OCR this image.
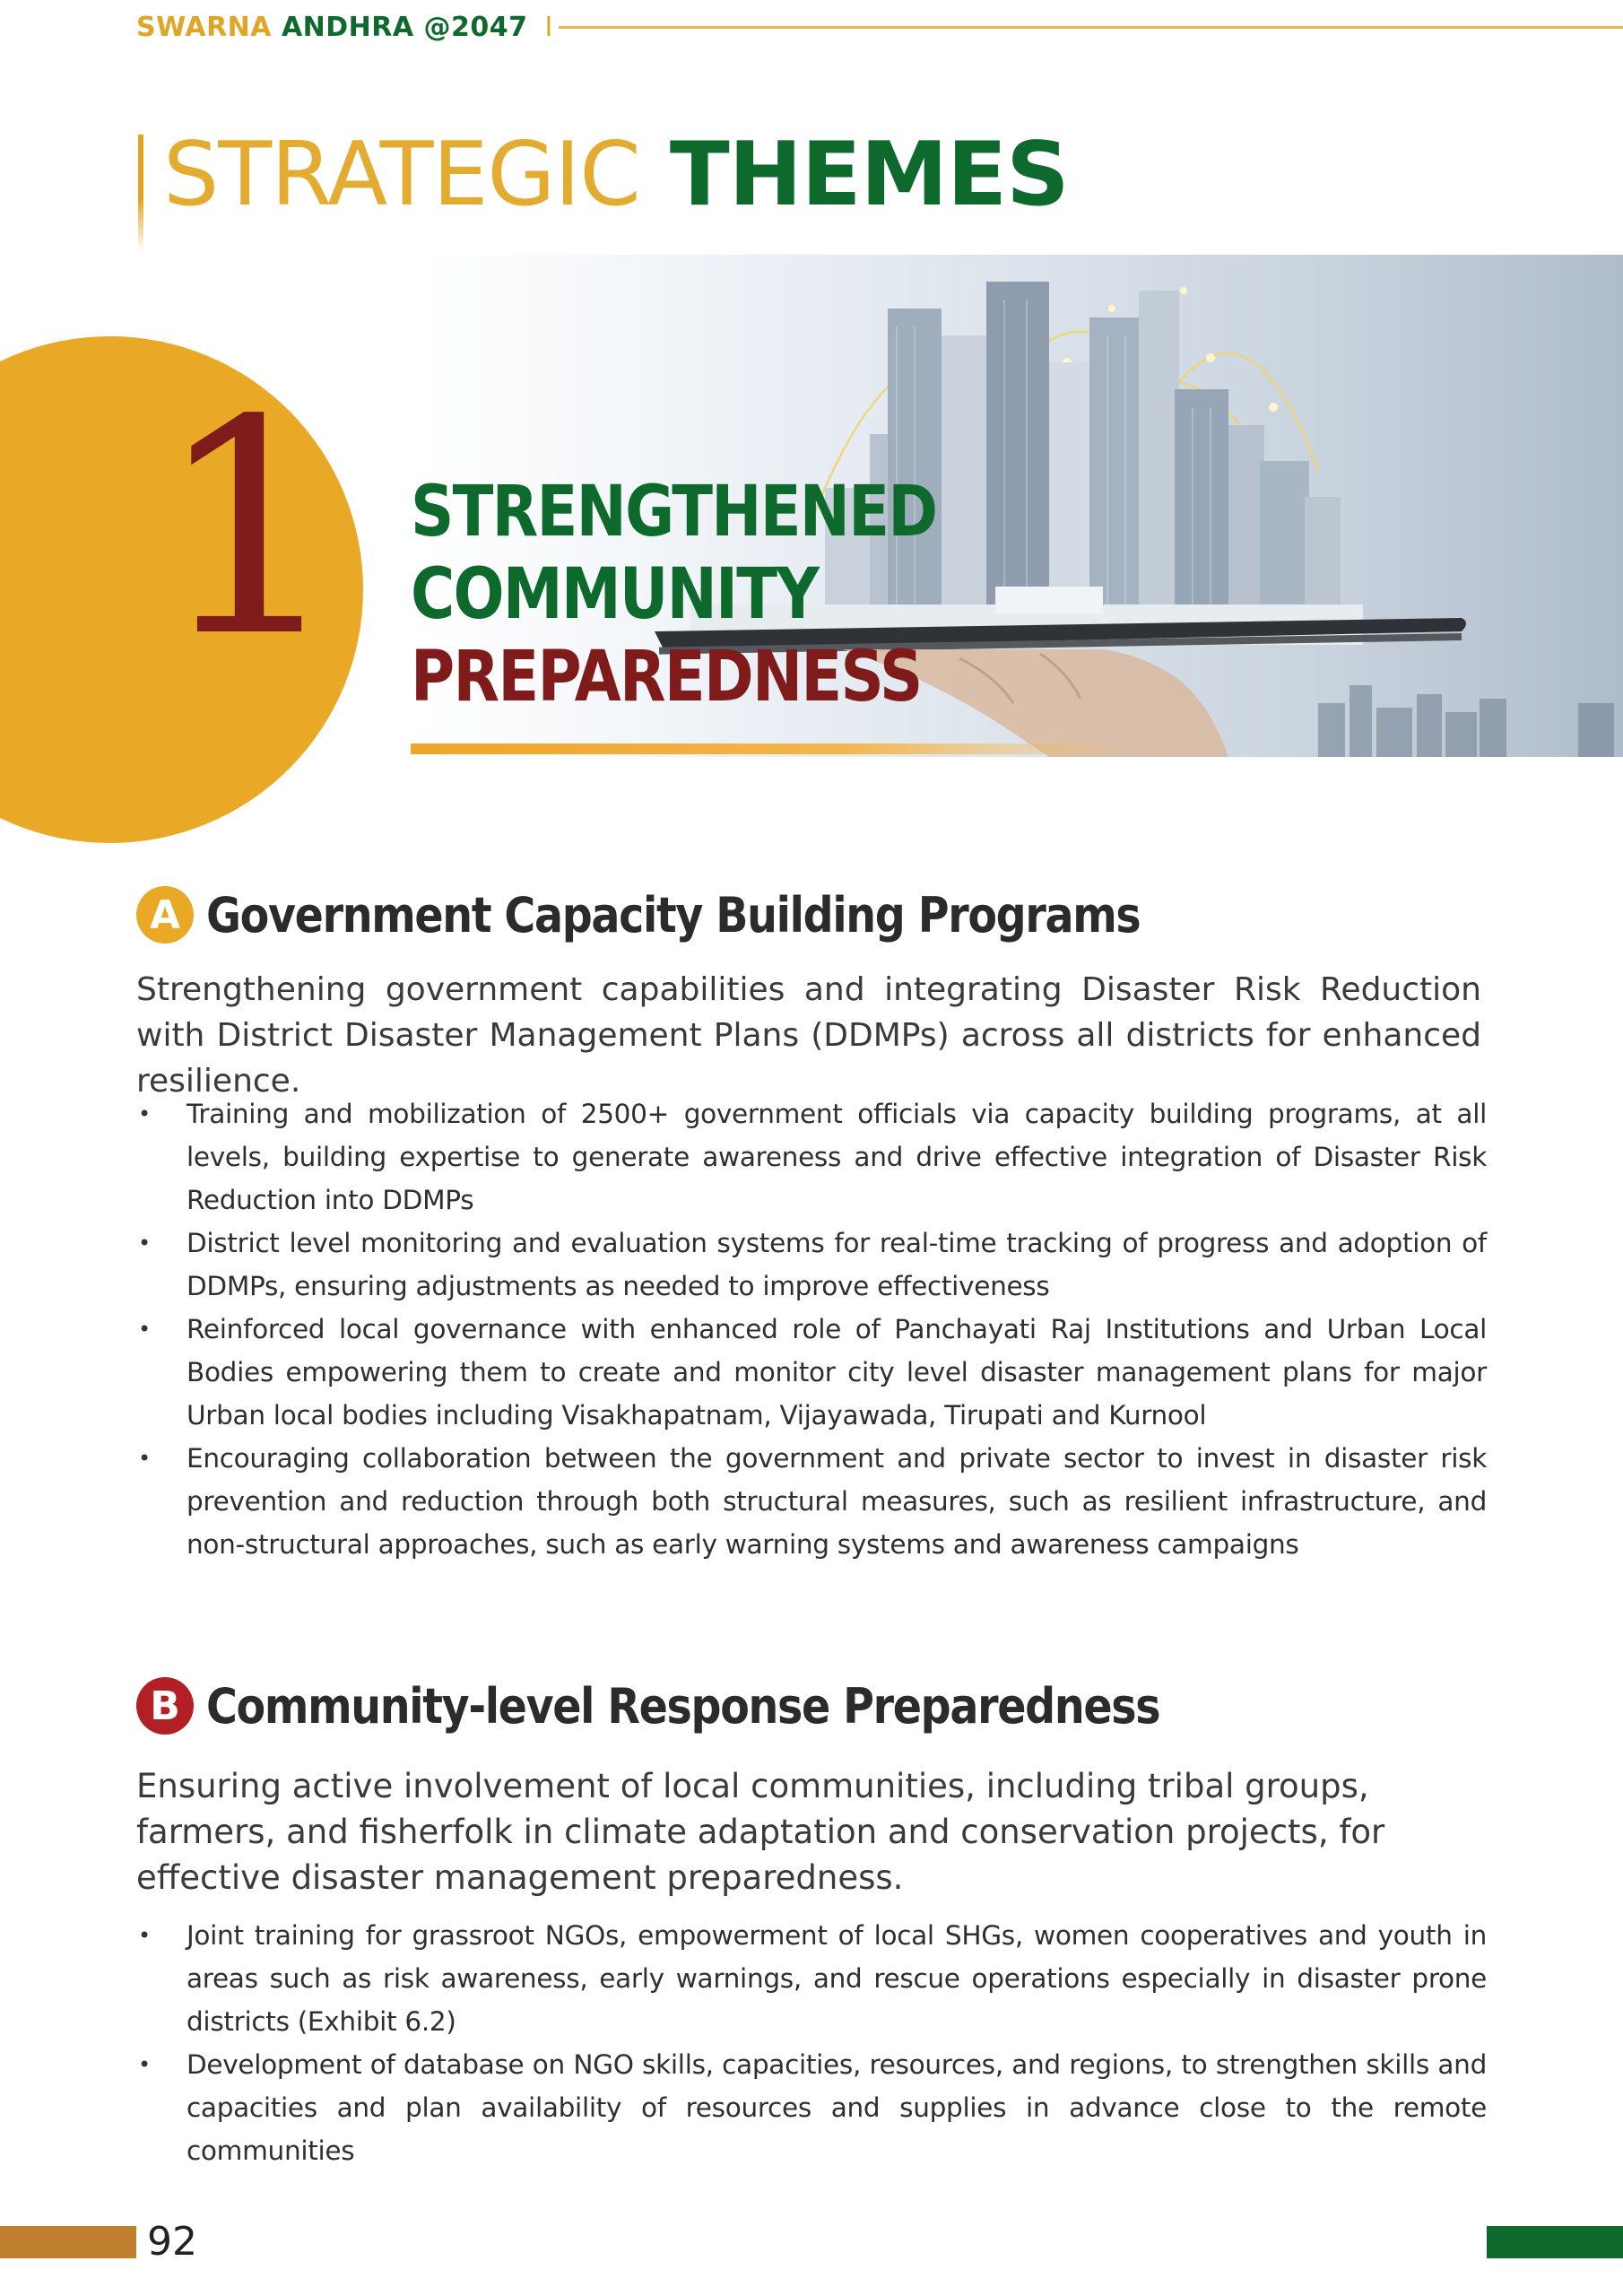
SWARNA ANDHRA @2047 I
STRATEGIC THEMES
1 STRENGTHENED
COMMUNITY
PREPAREDNESS
A Government Capacity Building Programs

Strengthening government capabilities and integrating Disaster Risk Reduction with District Disaster Management Plans (DDMPs) across all districts for enhanced resilience.

• Training and mobilization of 2500+ government officials via capacity building programs, at all levels, building expertise to generate awareness and drive effective integration of Disaster Risk Reduction into DDMPs
• District level monitoring and evaluation systems for real-time tracking of progress and adoption of DDMPs, ensuring adjustments as needed to improve effectiveness
• Reinforced local governance with enhanced role of Panchayati Raj Institutions and Urban Local Bodies empowering them to create and monitor city level disaster management plans for major Urban local bodies including Visakhapatnam, Vijayawada, Tirupati and Kurnool
• Encouraging collaboration between the government and private sector to invest in disaster risk prevention and reduction through both structural measures, such as resilient infrastructure, and non-structural approaches, such as early warning systems and awareness campaigns
B Community-level Response Preparedness

Ensuring active involvement of local communities, including tribal groups, farmers, and fisherfolk in climate adaptation and conservation projects, for effective disaster management preparedness.

• Joint training for grassroot NGOs, empowerment of local SHGs, women cooperatives and youth in areas such as risk awareness, early warnings, and rescue operations especially in disaster prone districts (Exhibit 6.2)
• Development of database on NGO skills, capacities, resources, and regions, to strengthen skills and capacities and plan availability of resources and supplies in advance close to the remote communities
92
